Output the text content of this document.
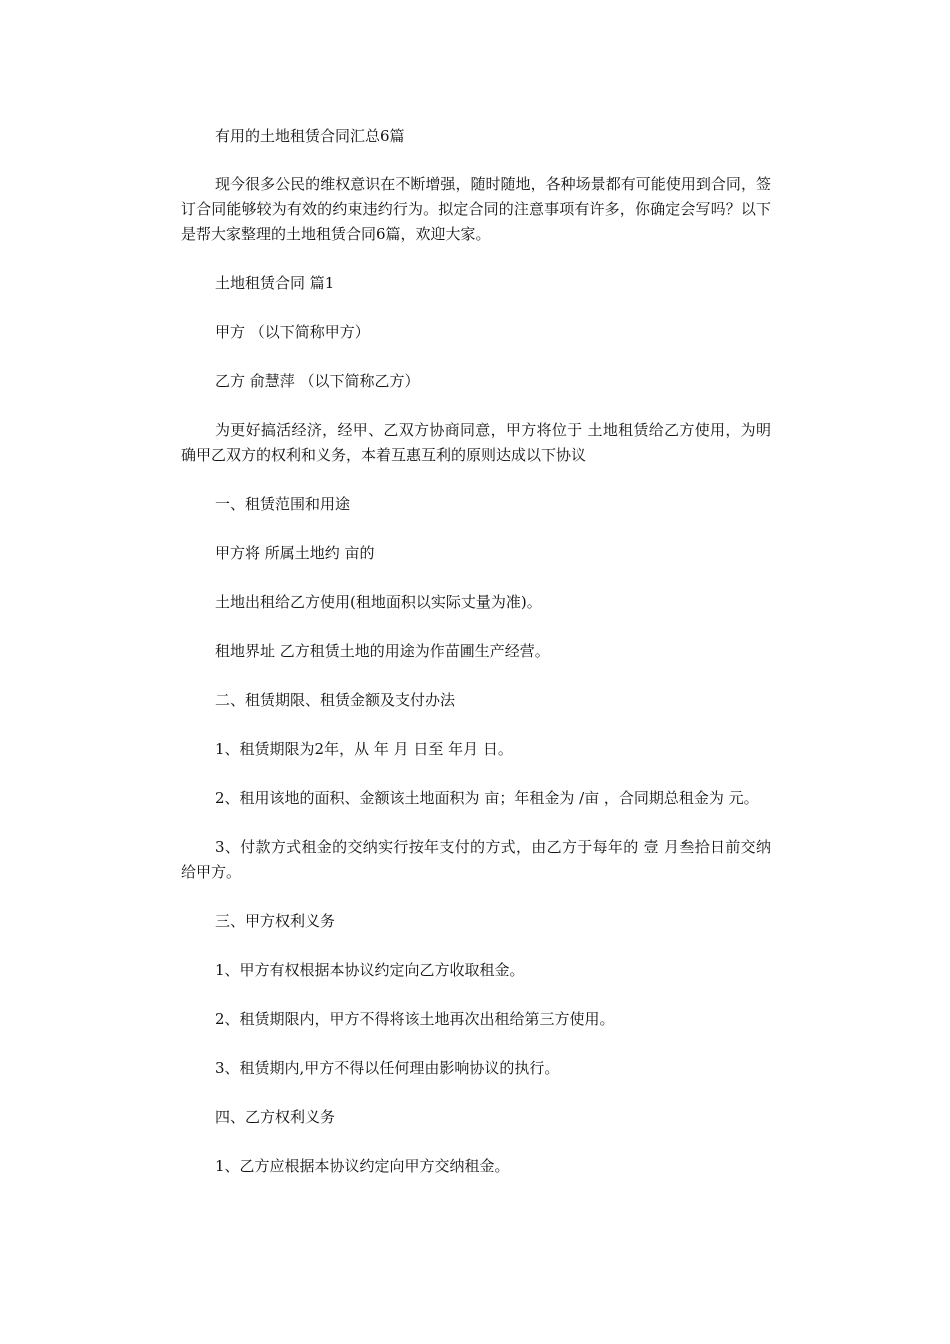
有用的土地租赁合同汇总6篇

现今很多公民的维权意识在不断增强，随时随地，各种场景都有可能使用到合同，签订合同能够较为有效的约束违约行为。拟定合同的注意事项有许多，你确定会写吗？以下是帮大家整理的土地租赁合同6篇，欢迎大家。

土地租赁合同 篇1

甲方 （以下简称甲方）

乙方 俞慧萍 （以下简称乙方）

为更好搞活经济，经甲、乙双方协商同意，甲方将位于 土地租赁给乙方使用，为明确甲乙双方的权利和义务，本着互惠互利的原则达成以下协议

一、租赁范围和用途

甲方将 所属土地约 亩的

土地出租给乙方使用(租地面积以实际丈量为准)。

租地界址 乙方租赁土地的用途为作苗圃生产经营。

二、租赁期限、租赁金额及支付办法

1、租赁期限为2年，从 年 月 日至 年月 日。

2、租用该地的面积、金额该土地面积为 亩；年租金为 /亩 ，合同期总租金为 元。

3、付款方式租金的交纳实行按年支付的方式，由乙方于每年的 壹 月叁拾日前交纳给甲方。

三、甲方权利义务

1、甲方有权根据本协议约定向乙方收取租金。

2、租赁期限内，甲方不得将该土地再次出租给第三方使用。

3、租赁期内,甲方不得以任何理由影响协议的执行。

四、乙方权利义务

1、乙方应根据本协议约定向甲方交纳租金。
